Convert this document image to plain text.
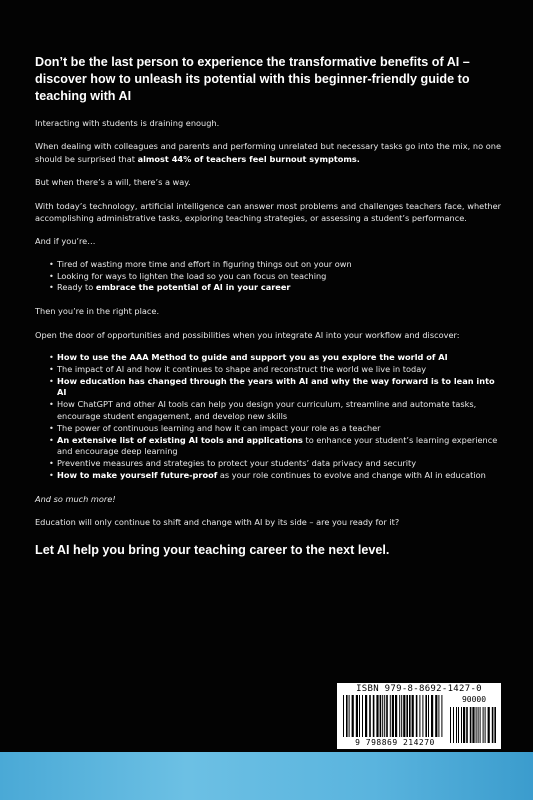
Don’t be the last person to experience the transformative benefits of AI – discover how to unleash its potential with this beginner-friendly guide to teaching with AI

Interacting with students is draining enough.

When dealing with colleagues and parents and performing unrelated but necessary tasks go into the mix, no one should be surprised that almost 44% of teachers feel burnout symptoms.

But when there’s a will, there’s a way.

With today’s technology, artificial intelligence can answer most problems and challenges teachers face, whether accomplishing administrative tasks, exploring teaching strategies, or assessing a student’s performance.

And if you’re…

• Tired of wasting more time and effort in figuring things out on your own
• Looking for ways to lighten the load so you can focus on teaching
• Ready to embrace the potential of AI in your career

Then you’re in the right place.

Open the door of opportunities and possibilities when you integrate AI into your workflow and discover:

• How to use the AAA Method to guide and support you as you explore the world of AI
• The impact of AI and how it continues to shape and reconstruct the world we live in today
• How education has changed through the years with AI and why the way forward is to lean into AI
• How ChatGPT and other AI tools can help you design your curriculum, streamline and automate tasks, encourage student engagement, and develop new skills
• The power of continuous learning and how it can impact your role as a teacher
• An extensive list of existing AI tools and applications to enhance your student’s learning experience and encourage deep learning
• Preventive measures and strategies to protect your students’ data privacy and security
• How to make yourself future-proof as your role continues to evolve and change with AI in education

And so much more!

Education will only continue to shift and change with AI by its side – are you ready for it?

Let AI help you bring your teaching career to the next level.

ISBN 979-8-8692-1427-0
90000
9 798869 214270
